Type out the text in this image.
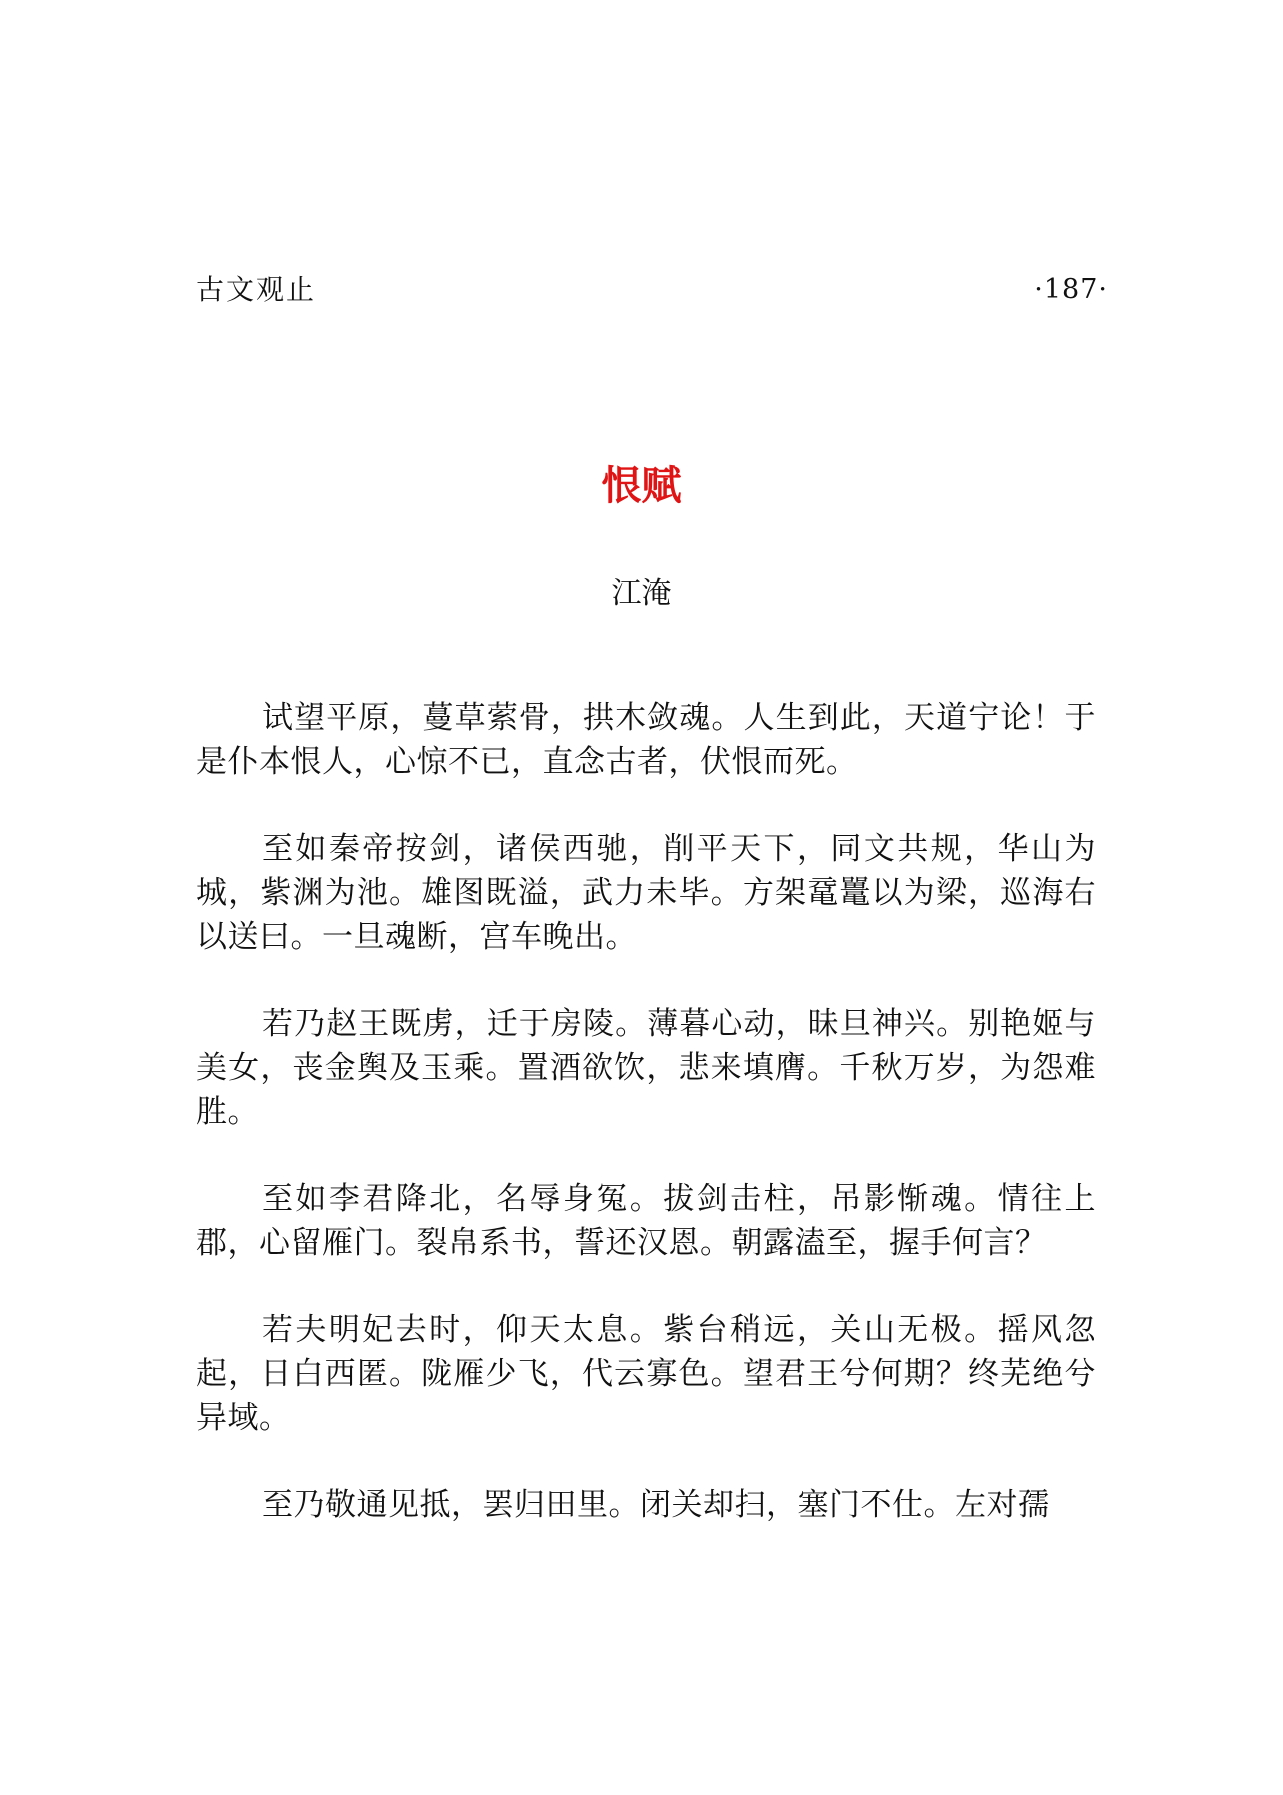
古文观止	·187·
恨赋
江淹

试望平原，蔓草萦骨，拱木敛魂。人生到此，天道宁论！于是仆本恨人，心惊不已，直念古者，伏恨而死。

至如秦帝按剑，诸侯西驰，削平天下，同文共规，华山为城，紫渊为池。雄图既溢，武力未毕。方架鼋鼍以为梁，巡海右以送曰。一旦魂断，宫车晚出。

若乃赵王既虏，迁于房陵。薄暮心动，昧旦神兴。别艳姬与美女，丧金舆及玉乘。置酒欲饮，悲来填膺。千秋万岁，为怨难胜。

至如李君降北，名辱身冤。拔剑击柱，吊影惭魂。情往上郡，心留雁门。裂帛系书，誓还汉恩。朝露溘至，握手何言？

若夫明妃去时，仰天太息。紫台稍远，关山无极。摇风忽起，日白西匿。陇雁少飞，代云寡色。望君王兮何期？终芜绝兮异域。

至乃敬通见抵，罢归田里。闭关却扫，塞门不仕。左对孺
